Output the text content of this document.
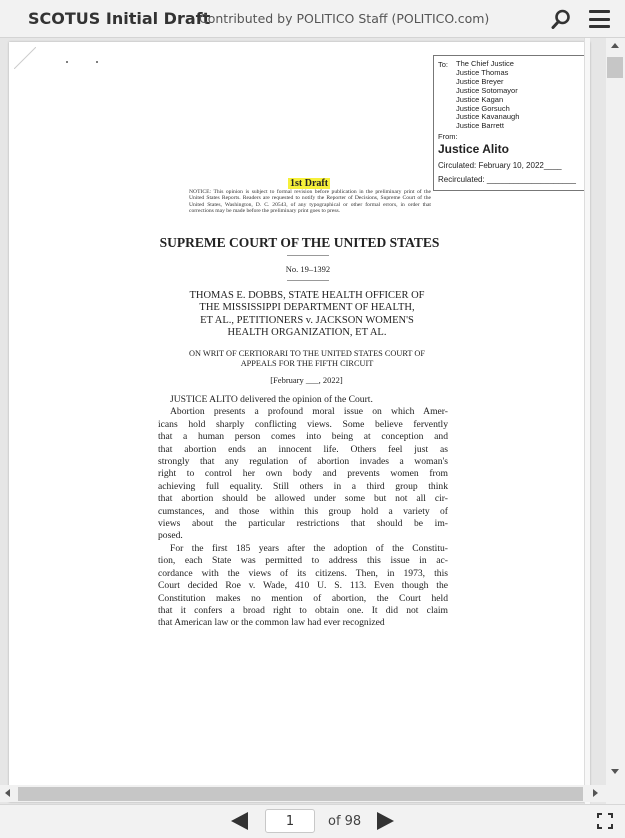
SCOTUS Initial Draft
Contributed by POLITICO Staff (POLITICO.com)
To: The Chief Justice
Justice Thomas
Justice Breyer
Justice Sotomayor
Justice Kagan
Justice Gorsuch
Justice Kavanaugh
Justice Barrett
From:
Justice Alito
Circulated: February 10, 2022____
Recirculated: ____________________
1st Draft
NOTICE: This opinion is subject to formal revision before publication in the preliminary print of the United States Reports. Readers are requested to notify the Reporter of Decisions, Supreme Court of the United States, Washington, D. C. 20543, of any typographical or other formal errors, in order that corrections may be made before the preliminary print goes to press.
SUPREME COURT OF THE UNITED STATES
No. 19–1392
THOMAS E. DOBBS, STATE HEALTH OFFICER OF
THE MISSISSIPPI DEPARTMENT OF HEALTH,
ET AL., PETITIONERS v. JACKSON WOMEN'S
HEALTH ORGANIZATION, ET AL.
ON WRIT OF CERTIORARI TO THE UNITED STATES COURT OF
APPEALS FOR THE FIFTH CIRCUIT
[February ___, 2022]
JUSTICE ALITO delivered the opinion of the Court.
Abortion presents a profound moral issue on which Amer-
icans hold sharply conflicting views. Some believe fervently
that a human person comes into being at conception and
that abortion ends an innocent life. Others feel just as
strongly that any regulation of abortion invades a woman's
right to control her own body and prevents women from
achieving full equality. Still others in a third group think
that abortion should be allowed under some but not all cir-
cumstances, and those within this group hold a variety of
views about the particular restrictions that should be im-
posed.
For the first 185 years after the adoption of the Constitu-
tion, each State was permitted to address this issue in ac-
cordance with the views of its citizens. Then, in 1973, this
Court decided Roe v. Wade, 410 U. S. 113. Even though the
Constitution makes no mention of abortion, the Court held
that it confers a broad right to obtain one. It did not claim
that American law or the common law had ever recognized
1
of 98
